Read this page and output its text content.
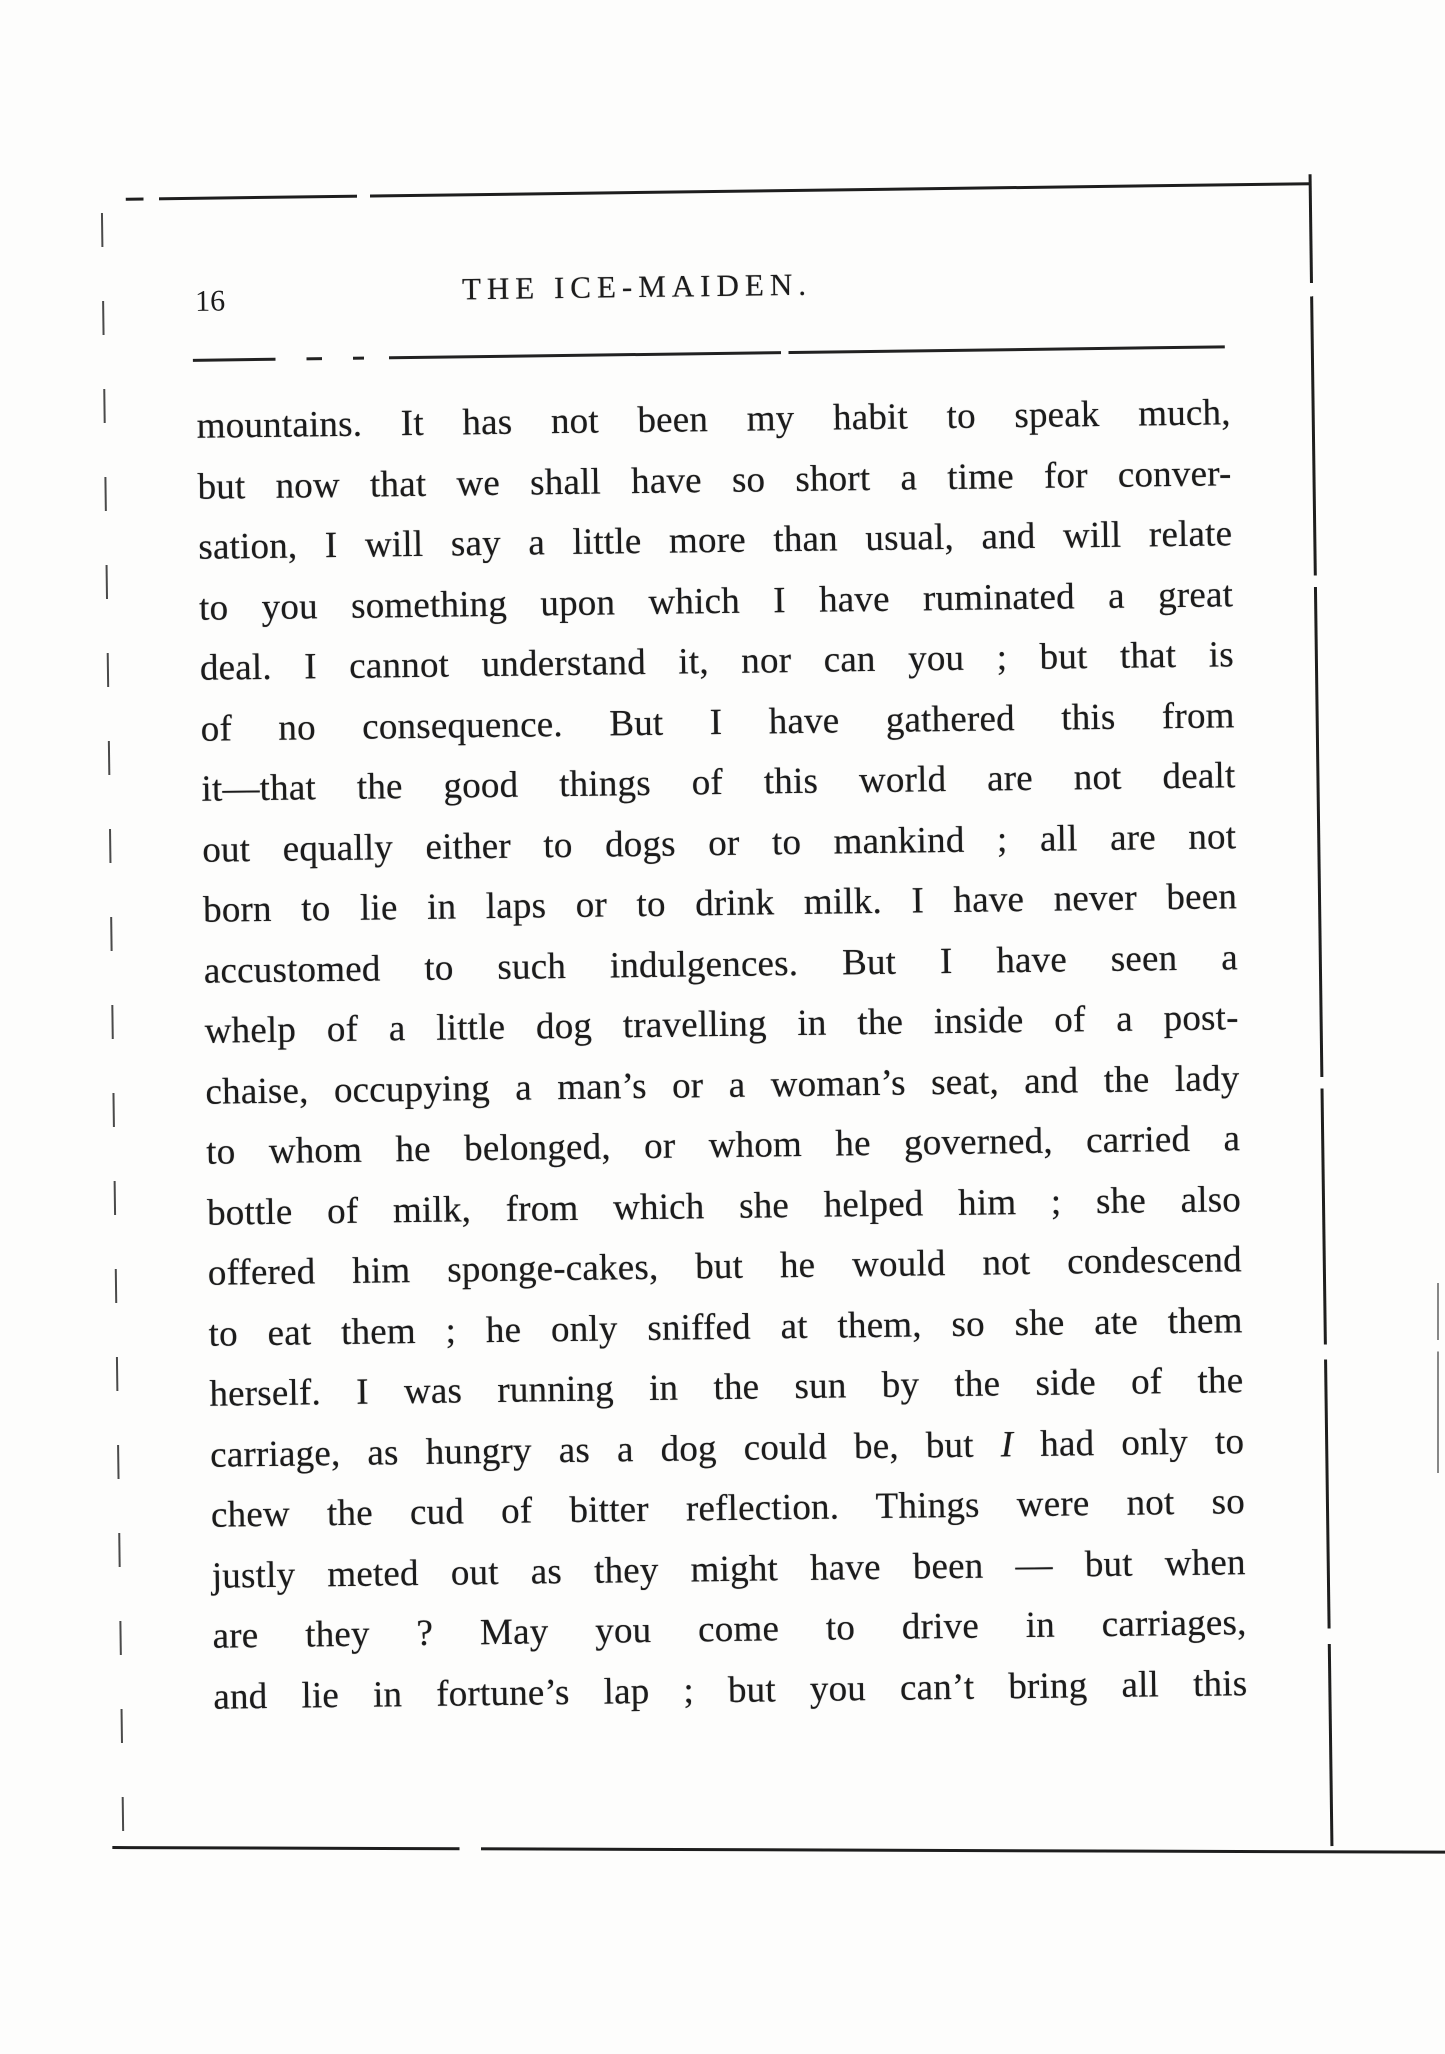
16	THE ICE-MAIDEN.
mountains. It has not been my habit to speak much,
but now that we shall have so short a time for conver-
sation, I will say a little more than usual, and will relate
to you something upon which I have ruminated a great
deal. I cannot understand it, nor can you ; but that is
of no consequence. But I have gathered this from
it—that the good things of this world are not dealt
out equally either to dogs or to mankind ; all are not
born to lie in laps or to drink milk. I have never been
accustomed to such indulgences. But I have seen a
whelp of a little dog travelling in the inside of a post-
chaise, occupying a man’s or a woman’s seat, and the lady
to whom he belonged, or whom he governed, carried a
bottle of milk, from which she helped him ; she also
offered him sponge-cakes, but he would not condescend
to eat them ; he only sniffed at them, so she ate them
herself. I was running in the sun by the side of the
carriage, as hungry as a dog could be, but I had only to
chew the cud of bitter reflection. Things were not so
justly meted out as they might have been — but when
are they ? May you come to drive in carriages,
and lie in fortune’s lap ; but you can’t bring all this
